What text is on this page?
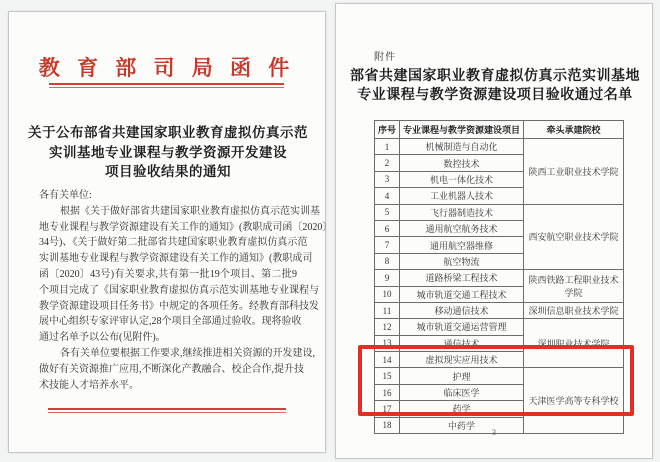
教 育 部 司 局 函 件
关于公布部省共建国家职业教育虚拟仿真示范
实训基地专业课程与教学资源开发建设
项目验收结果的通知
各有关单位:
根据《关于做好部省共建国家职业教育虚拟仿真示范实训基
地专业课程与教学资源建设有关工作的通知》(教职成司函〔2020〕
34号)、《关于做好第二批部省共建国家职业教育虚拟仿真示范
实训基地专业课程与教学资源建设有关工作的通知》(教职成司
函〔2020〕43号)有关要求,共有第一批19个项目、第二批9
个项目完成了《国家职业教育虚拟仿真示范实训基地专业课程与
教学资源建设项目任务书》中规定的各项任务。经教育部科技发
展中心组织专家评审认定,28个项目全部通过验收。现将验收
通过名单予以公布(见附件)。
各有关单位要根据工作要求,继续推进相关资源的开发建设,
做好有关资源推广应用,不断深化产教融合、校企合作,提升技
术技能人才培养水平。
附件
部省共建国家职业教育虚拟仿真示范实训基地
专业课程与教学资源建设项目验收通过名单
序号	专业课程与教学资源建设项目	牵头承建院校
1	机械制造与自动化	陕西工业职业技术学院
2	数控技术	
3	机电一体化技术	
4	工业机器人技术	
5	飞行器制造技术	西安航空职业技术学院
6	通用航空航务技术	
7	通用航空器维修	
8	航空物流	
9	道路桥梁工程技术	陕西铁路工程职业技术学院
10	城市轨道交通工程技术	
11	移动通信技术	深圳信息职业技术学院
12	城市轨道交通运营管理	深圳职业技术学院
13	通信技术	
14	虚拟现实应用技术	
15	护理	天津医学高等专科学校
16	临床医学	
17	药学	
18	中药学	
3
